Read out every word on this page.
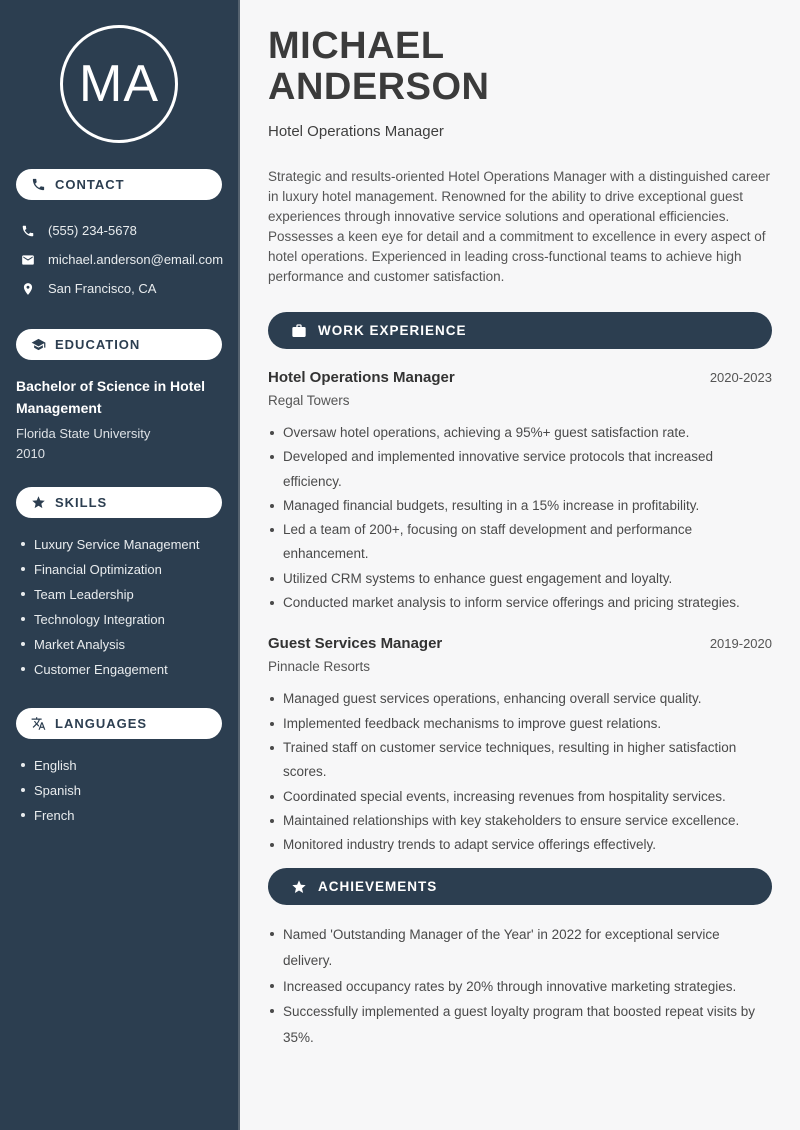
MA
CONTACT
(555) 234-5678
michael.anderson@email.com
San Francisco, CA
EDUCATION
Bachelor of Science in Hotel Management
Florida State University
2010
SKILLS
Luxury Service Management
Financial Optimization
Team Leadership
Technology Integration
Market Analysis
Customer Engagement
LANGUAGES
English
Spanish
French
MICHAEL
ANDERSON
Hotel Operations Manager

Strategic and results-oriented Hotel Operations Manager with a distinguished career in luxury hotel management. Renowned for the ability to drive exceptional guest experiences through innovative service solutions and operational efficiencies. Possesses a keen eye for detail and a commitment to excellence in every aspect of hotel operations. Experienced in leading cross-functional teams to achieve high performance and customer satisfaction.

WORK EXPERIENCE
Hotel Operations Manager	2020-2023
Regal Towers
Oversaw hotel operations, achieving a 95%+ guest satisfaction rate.
Developed and implemented innovative service protocols that increased efficiency.
Managed financial budgets, resulting in a 15% increase in profitability.
Led a team of 200+, focusing on staff development and performance enhancement.
Utilized CRM systems to enhance guest engagement and loyalty.
Conducted market analysis to inform service offerings and pricing strategies.
Guest Services Manager	2019-2020
Pinnacle Resorts
Managed guest services operations, enhancing overall service quality.
Implemented feedback mechanisms to improve guest relations.
Trained staff on customer service techniques, resulting in higher satisfaction scores.
Coordinated special events, increasing revenues from hospitality services.
Maintained relationships with key stakeholders to ensure service excellence.
Monitored industry trends to adapt service offerings effectively.
ACHIEVEMENTS
Named 'Outstanding Manager of the Year' in 2022 for exceptional service delivery.
Increased occupancy rates by 20% through innovative marketing strategies.
Successfully implemented a guest loyalty program that boosted repeat visits by 35%.
